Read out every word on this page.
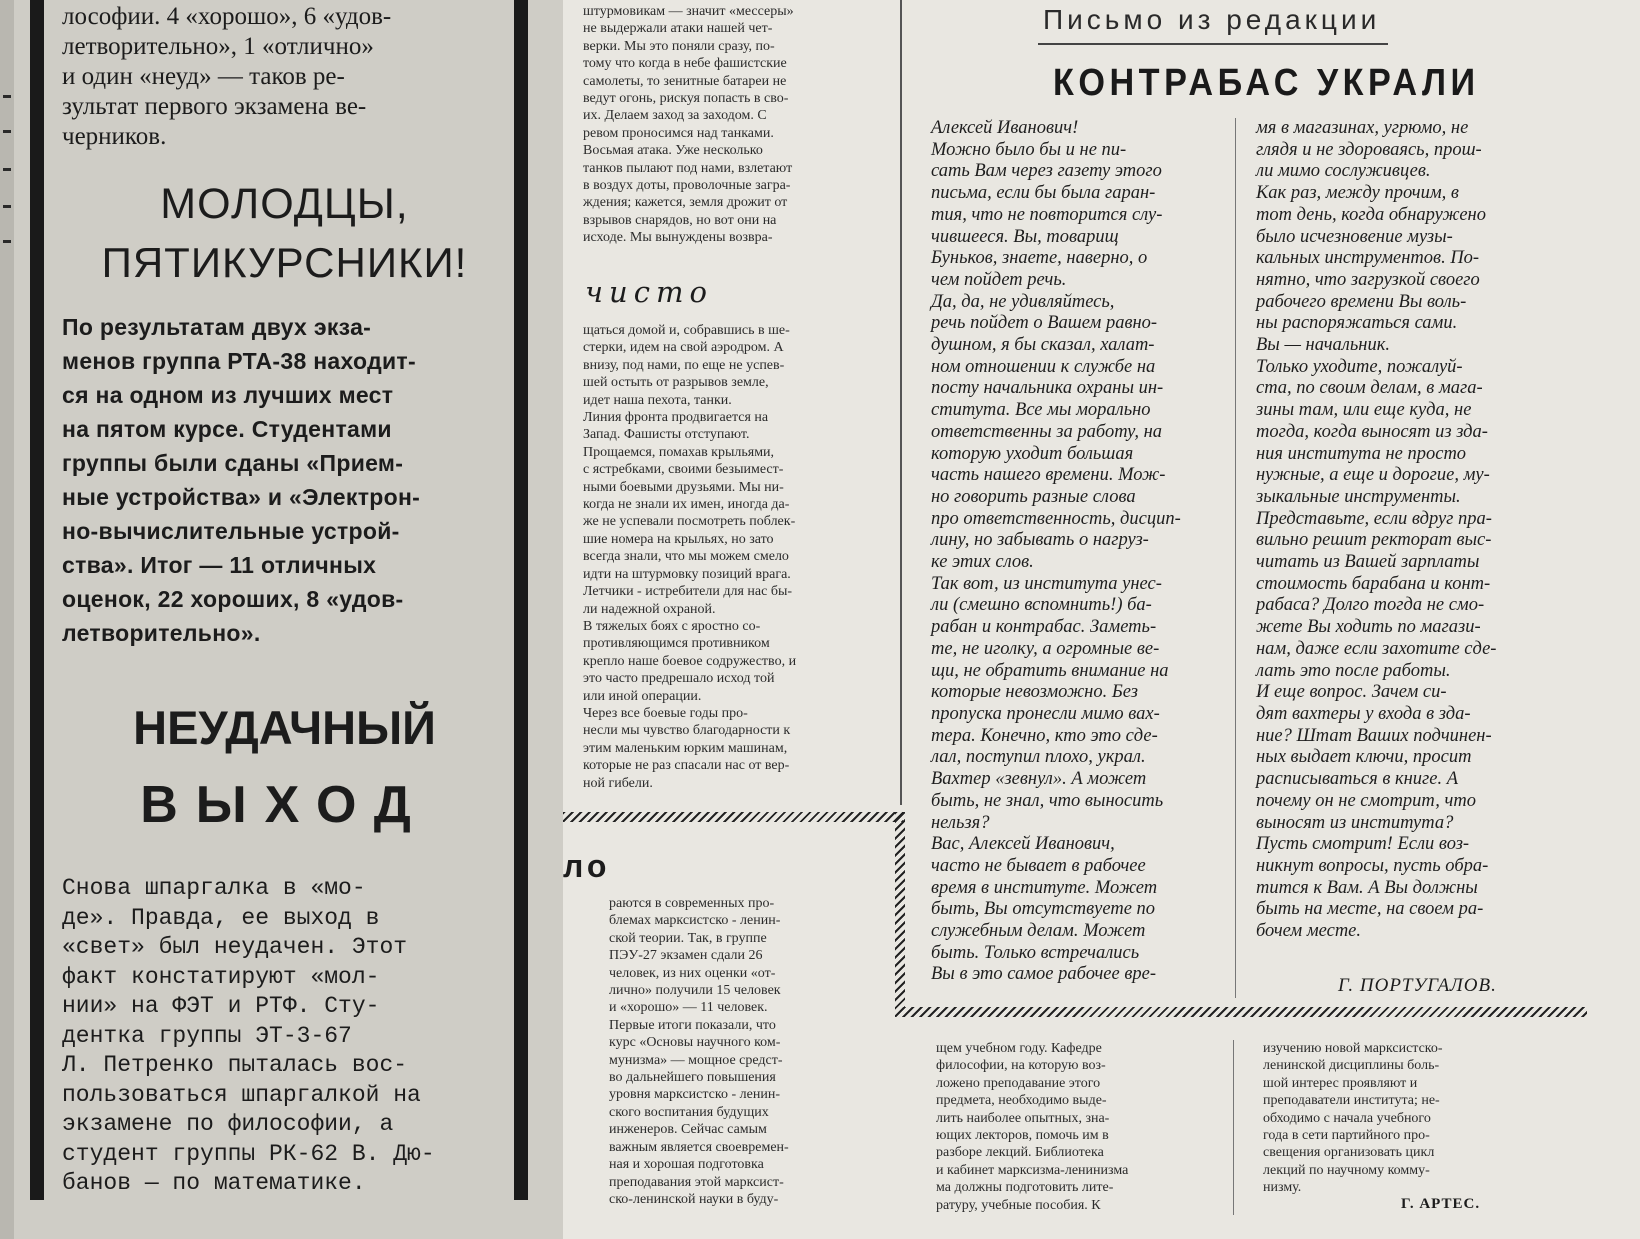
лософии. 4 «хорошо», 6 «удов-
летворительно», 1 «отлично»
и один «неуд» — таков ре-
зультат первого экзамена ве-
черников.

МОЛОДЦЫ,
ПЯТИКУРСНИКИ!

По результатам двух экза-
менов группа РТА-38 находит-
ся на одном из лучших мест
на пятом курсе. Студентами
группы были сданы «Прием-
ные устройства» и «Электрон-
но-вычислительные устрой-
ства». Итог — 11 отличных
оценок, 22 хороших, 8 «удов-
летворительно».

НЕУДАЧНЫЙ
ВЫХОД

Снова шпаргалка в «мо-
де». Правда, ее выход в
«свет» был неудачен. Этот
факт констатируют «мол-
нии» на ФЭТ и РТФ. Сту-
дентка группы ЭТ-3-67
Л. Петренко пыталась вос-
пользоваться шпаргалкой на
экзамене по философии, а
студент группы РК-62 В. Дю-
банов — по математике.

штурмовикам — значит «мессеры»
не выдержали атаки нашей чет-
верки. Мы это поняли сразу, по-
тому что когда в небе фашистские
самолеты, то зенитные батареи не
ведут огонь, рискуя попасть в сво-
их. Делаем заход за заходом. С
ревом проносимся над танками.
Восьмая атака. Уже несколько
танков пылают под нами, взлетают
в воздух доты, проволочные загра-
ждения; кажется, земля дрожит от
взрывов снарядов, но вот они на
исходе. Мы вынуждены возвра-

чисто

щаться домой и, собравшись в ше-
стерки, идем на свой аэродром. А
внизу, под нами, по еще не успев-
шей остыть от разрывов земле,
идет наша пехота, танки.
Линия фронта продвигается на
Запад. Фашисты отступают.
Прощаемся, помахав крыльями,
с ястребками, своими безыимест-
ными боевыми друзьями. Мы ни-
когда не знали их имен, иногда да-
же не успевали посмотреть поблек-
шие номера на крыльях, но зато
всегда знали, что мы можем смело
идти на штурмовку позиций врага.
Летчики - истребители для нас бы-
ли надежной охраной.
В тяжелых боях с яростно со-
противляющимся противником
крепло наше боевое содружество, и
это часто предрешало исход той
или иной операции.
Через все боевые годы про-
несли мы чувство благодарности к
этим маленьким юрким машинам,
которые не раз спасали нас от вер-
ной гибели.

ло

раются в современных про-
блемах марксистско - ленин-
ской теории. Так, в группе
ПЭУ-27 экзамен сдали 26
человек, из них оценки «от-
лично» получили 15 человек
и «хорошо» — 11 человек.
Первые итоги показали, что
курс «Основы научного ком-
мунизма» — мощное средст-
во дальнейшего повышения
уровня марксистско - ленин-
ского воспитания будущих
инженеров. Сейчас самым
важным является своевремен-
ная и хорошая подготовка
преподавания этой марксист-
ско-ленинской науки в буду-

Письмо из редакции
КОНТРАБАС УКРАЛИ

Алексей Иванович!
Можно было бы и не пи-
сать Вам через газету этого
письма, если бы была гаран-
тия, что не повторится слу-
чившееся. Вы, товарищ
Буньков, знаете, наверно, о
чем пойдет речь.
Да, да, не удивляйтесь,
речь пойдет о Вашем равно-
душном, я бы сказал, халат-
ном отношении к службе на
посту начальника охраны ин-
ститута. Все мы морально
ответственны за работу, на
которую уходит большая
часть нашего времени. Мож-
но говорить разные слова
про ответственность, дисцип-
лину, но забывать о нагруз-
ке этих слов.
Так вот, из института унес-
ли (смешно вспомнить!) ба-
рабан и контрабас. Заметь-
те, не иголку, а огромные ве-
щи, не обратить внимание на
которые невозможно. Без
пропуска пронесли мимо вах-
тера. Конечно, кто это сде-
лал, поступил плохо, украл.
Вахтер «зевнул». А может
быть, не знал, что выносить
нельзя?
Вас, Алексей Иванович,
часто не бывает в рабочее
время в институте. Может
быть, Вы отсутствуете по
служебным делам. Может
быть. Только встречались
Вы в это самое рабочее вре-

мя в магазинах, угрюмо, не
глядя и не здороваясь, прош-
ли мимо сослуживцев.
Как раз, между прочим, в
тот день, когда обнаружено
было исчезновение музы-
кальных инструментов. По-
нятно, что загрузкой своего
рабочего времени Вы воль-
ны распоряжаться сами.
Вы — начальник.
Только уходите, пожалуй-
ста, по своим делам, в мага-
зины там, или еще куда, не
тогда, когда выносят из зда-
ния института не просто
нужные, а еще и дорогие, му-
зыкальные инструменты.
Представьте, если вдруг пра-
вильно решит ректорат выс-
читать из Вашей зарплаты
стоимость барабана и конт-
рабаса? Долго тогда не смо-
жете Вы ходить по магази-
нам, даже если захотите сде-
лать это после работы.
И еще вопрос. Зачем си-
дят вахтеры у входа в зда-
ние? Штат Ваших подчинен-
ных выдает ключи, просит
расписываться в книге. А
почему он не смотрит, что
выносят из института?
Пусть смотрит! Если воз-
никнут вопросы, пусть обра-
тится к Вам. А Вы должны
быть на месте, на своем ра-
бочем месте.

Г. ПОРТУГАЛОВ.

щем учебном году. Кафедре
философии, на которую воз-
ложено преподавание этого
предмета, необходимо выде-
лить наиболее опытных, зна-
ющих лекторов, помочь им в
разборе лекций. Библиотека
и кабинет марксизма-ленинизма
ма должны подготовить лите-
ратуру, учебные пособия. К

изучению новой марксистско-
ленинской дисциплины боль-
шой интерес проявляют и
преподаватели института; не-
обходимо с начала учебного
года в сети партийного про-
свещения организовать цикл
лекций по научному комму-
низму.

Г. АРТЕС.
